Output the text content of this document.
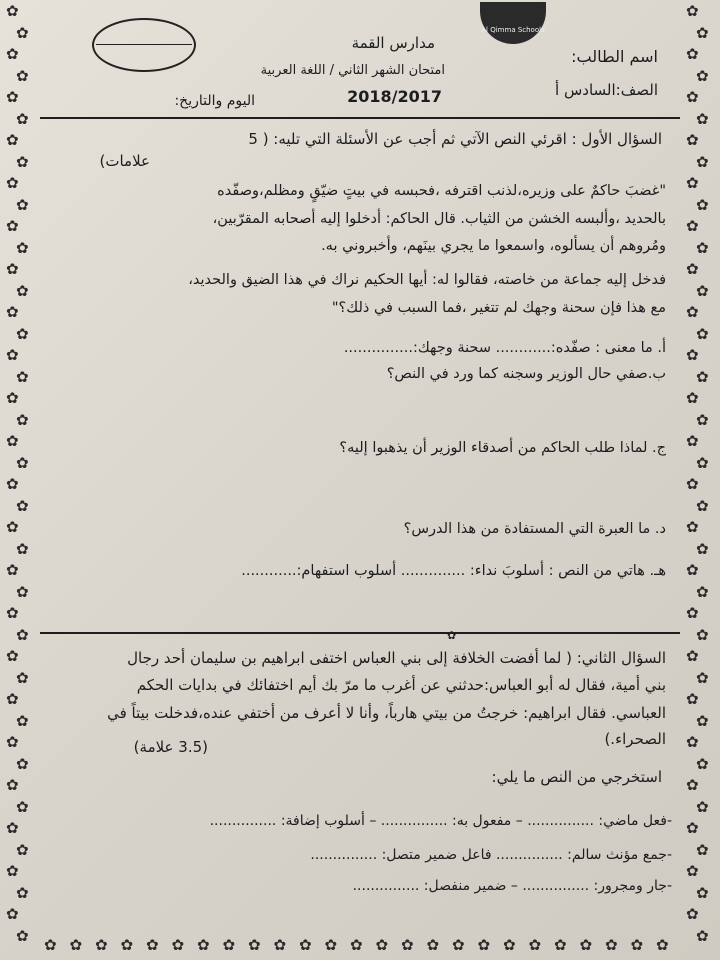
✿
✿
✿
✿
✿
✿
✿
✿
✿
✿
✿
✿
✿
✿
✿
✿
✿
✿
✿
✿
✿
✿
✿
✿
✿
✿
✿
✿
✿
✿
✿
✿
✿
✿
✿
✿
✿
✿
✿
✿
✿
✿
✿
✿
✿
✿
✿
✿
✿
✿
✿
✿
✿
✿
✿
✿
✿
✿
✿
✿
✿
✿
✿
✿
✿
✿
✿
✿
✿
✿
✿
✿
✿
✿
✿
✿
✿
✿
✿
✿
✿
✿
✿
✿
✿
✿
✿
✿
✿ ✿ ✿ ✿ ✿ ✿ ✿ ✿ ✿ ✿ ✿ ✿ ✿ ✿ ✿ ✿ ✿ ✿ ✿ ✿ ✿ ✿ ✿ ✿ ✿
Al Qimma Schools
مدارس القمة
اسم الطالب:
امتحان الشهر الثاني / اللغة العربية
الصف:السادس أ
2018/2017
اليوم والتاريخ:
السؤال الأول : اقرئي النص الآتي ثم أجب عن الأسئلة التي تليه: ( 5
علامات)
"غضبَ حاكمٌ على وزيره،لذنب اقترفه ،فحبسه في بيتٍ ضيّقٍ ومظلم،وصفّده
بالحديد ،وألبسه الخشن من الثياب. قال الحاكم: أدخلوا إليه أصحابه المقرّبين،
ومُروهم أن يسألوه، واسمعوا ما يجري بينَهم، وأخبروني به.
فدخل إليه جماعة من خاصته، فقالوا له: أيها الحكيم نراك في هذا الضيق والحديد،
مع هذا فإن سحنة وجهك لم تتغير ،فما السبب في ذلك؟"
أ. ما معنى : صفّده:............ سحنة وجهك:...............
ب.صفي حال الوزير وسجنه كما ورد في النص؟
ج. لماذا طلب الحاكم من أصدقاء الوزير أن يذهبوا إليه؟
د. ما العبرة التي المستفادة من هذا الدرس؟
هـ. هاتي من النص : أسلوبَ نداء: .............. أسلوب استفهام:............
✿
السؤال الثاني: ( لما أفضت الخلافة إلى بني العباس اختفى ابراهيم بن سليمان أحد رجال
بني أمية، فقال له أبو العباس:حدثني عن أغرب ما مرّ بك أيم اختفائك في بدايات الحكم
العباسي. فقال ابراهيم: خرجتُ من بيتي هارباً، وأنا لا أعرف من أختفي عنده،فدخلت بيتاً في
الصحراء.)
(3.5 علامة)
استخرجي من النص ما يلي:
-فعل ماضي: ............... – مفعول به: ............... – أسلوب إضافة: ...............
-جمع مؤنث سالم: ............... فاعل ضمير متصل: ...............
-جار ومجرور: ............... – ضمير منفصل: ...............
